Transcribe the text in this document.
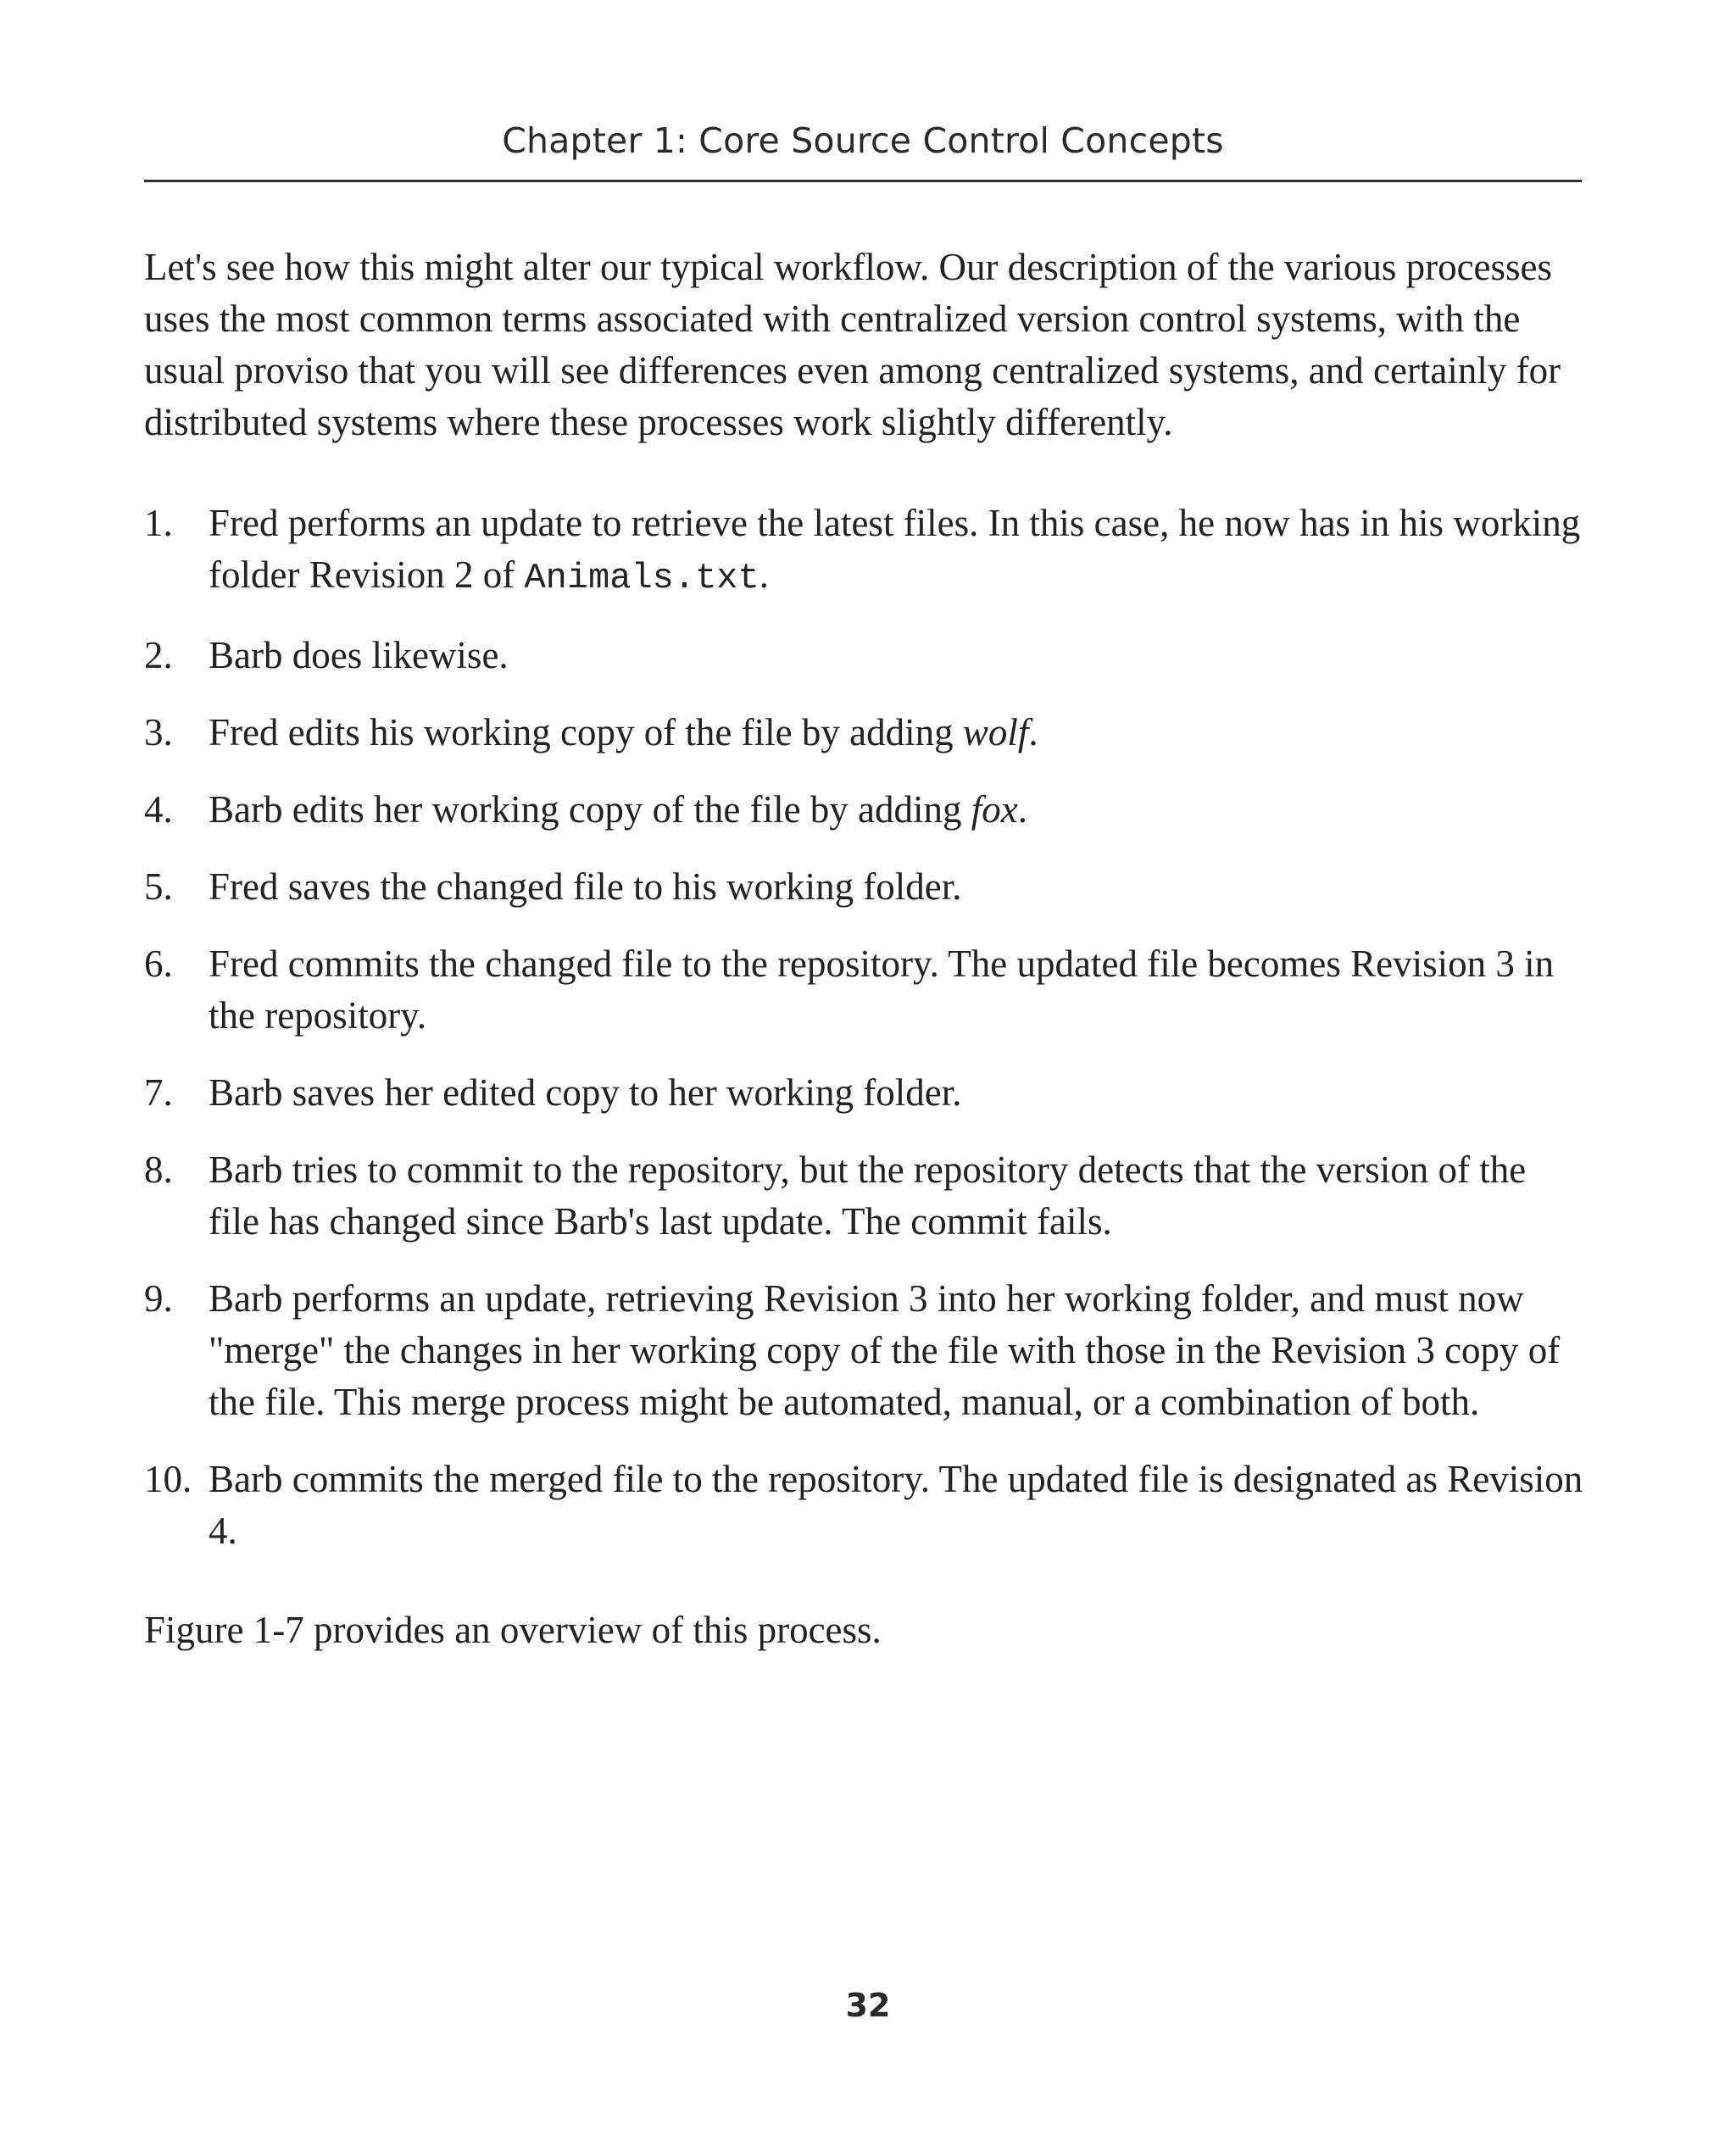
Chapter 1: Core Source Control Concepts

Let's see how this might alter our typical workflow. Our description of the various processes uses the most common terms associated with centralized version control systems, with the usual proviso that you will see differences even among centralized systems, and certainly for distributed systems where these processes work slightly differently.

1. Fred performs an update to retrieve the latest files. In this case, he now has in his working folder Revision 2 of Animals.txt.
2. Barb does likewise.
3. Fred edits his working copy of the file by adding wolf.
4. Barb edits her working copy of the file by adding fox.
5. Fred saves the changed file to his working folder.
6. Fred commits the changed file to the repository. The updated file becomes Revision 3 in the repository.
7. Barb saves her edited copy to her working folder.
8. Barb tries to commit to the repository, but the repository detects that the version of the file has changed since Barb's last update. The commit fails.
9. Barb performs an update, retrieving Revision 3 into her working folder, and must now "merge" the changes in her working copy of the file with those in the Revision 3 copy of the file. This merge process might be automated, manual, or a combination of both.
10. Barb commits the merged file to the repository. The updated file is designated as Revision 4.

Figure 1-7 provides an overview of this process.

32
